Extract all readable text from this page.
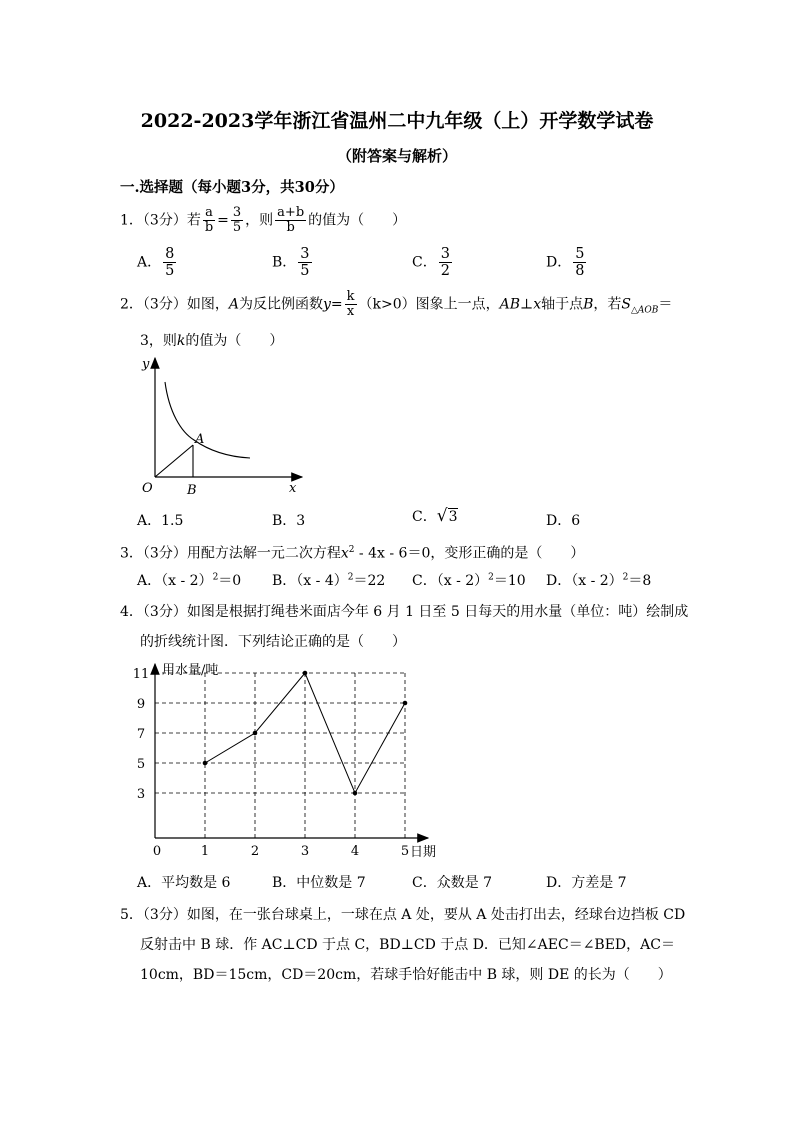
2022-2023学年浙江省温州二中九年级（上）开学数学试卷
（附答案与解析）
一.选择题（每小题3分，共30分）
1．（3分）若 $\frac{a}{b} = \frac{3}{5}$ ，则 $\frac{a+b}{b}$ 的值为（　　）
A． $\frac{8}{5}$	B． $\frac{3}{5}$	C． $\frac{3}{2}$	D． $\frac{5}{8}$
2．（3分）如图，A为反比例函数$y= \frac{k}{x} (k>0)$图象上一点，AB⊥x轴于点B，若$S_{\triangle AOB}=$
3，则k的值为（　　）
y
x
O
A
B
A．1.5	B．3	C．√3	D．6
3．（3分）用配方法解一元二次方程$x^2 - 4x - 6=0$，变形正确的是（　　）
A．（x - 2）$^2$＝0 B．（x - 4）$^2$＝22 C．（x - 2）$^2$＝10 D．（x - 2）$^2$＝8
4．（3分）如图是根据打绳巷米面店今年 6 月 1 日至 5 日每天的用水量（单位：吨）绘制成
的折线统计图．下列结论正确的是（　　）
用水量/吨
日期
3
5
7
9
11
0	1	2	3	4	5
A．平均数是 6	B．中位数是 7	C．众数是 7	D．方差是 7
5．（3分）如图，在一张台球桌上，一球在点 A 处，要从 A 处击打出去，经球台边挡板 CD
反射击中 B 球．作 AC⊥CD 于点 C，BD⊥CD 于点 D．已知∠AEC＝∠BED，AC＝
10cm，BD＝15cm，CD＝20cm，若球手恰好能击中 B 球，则 DE 的长为（　　）
